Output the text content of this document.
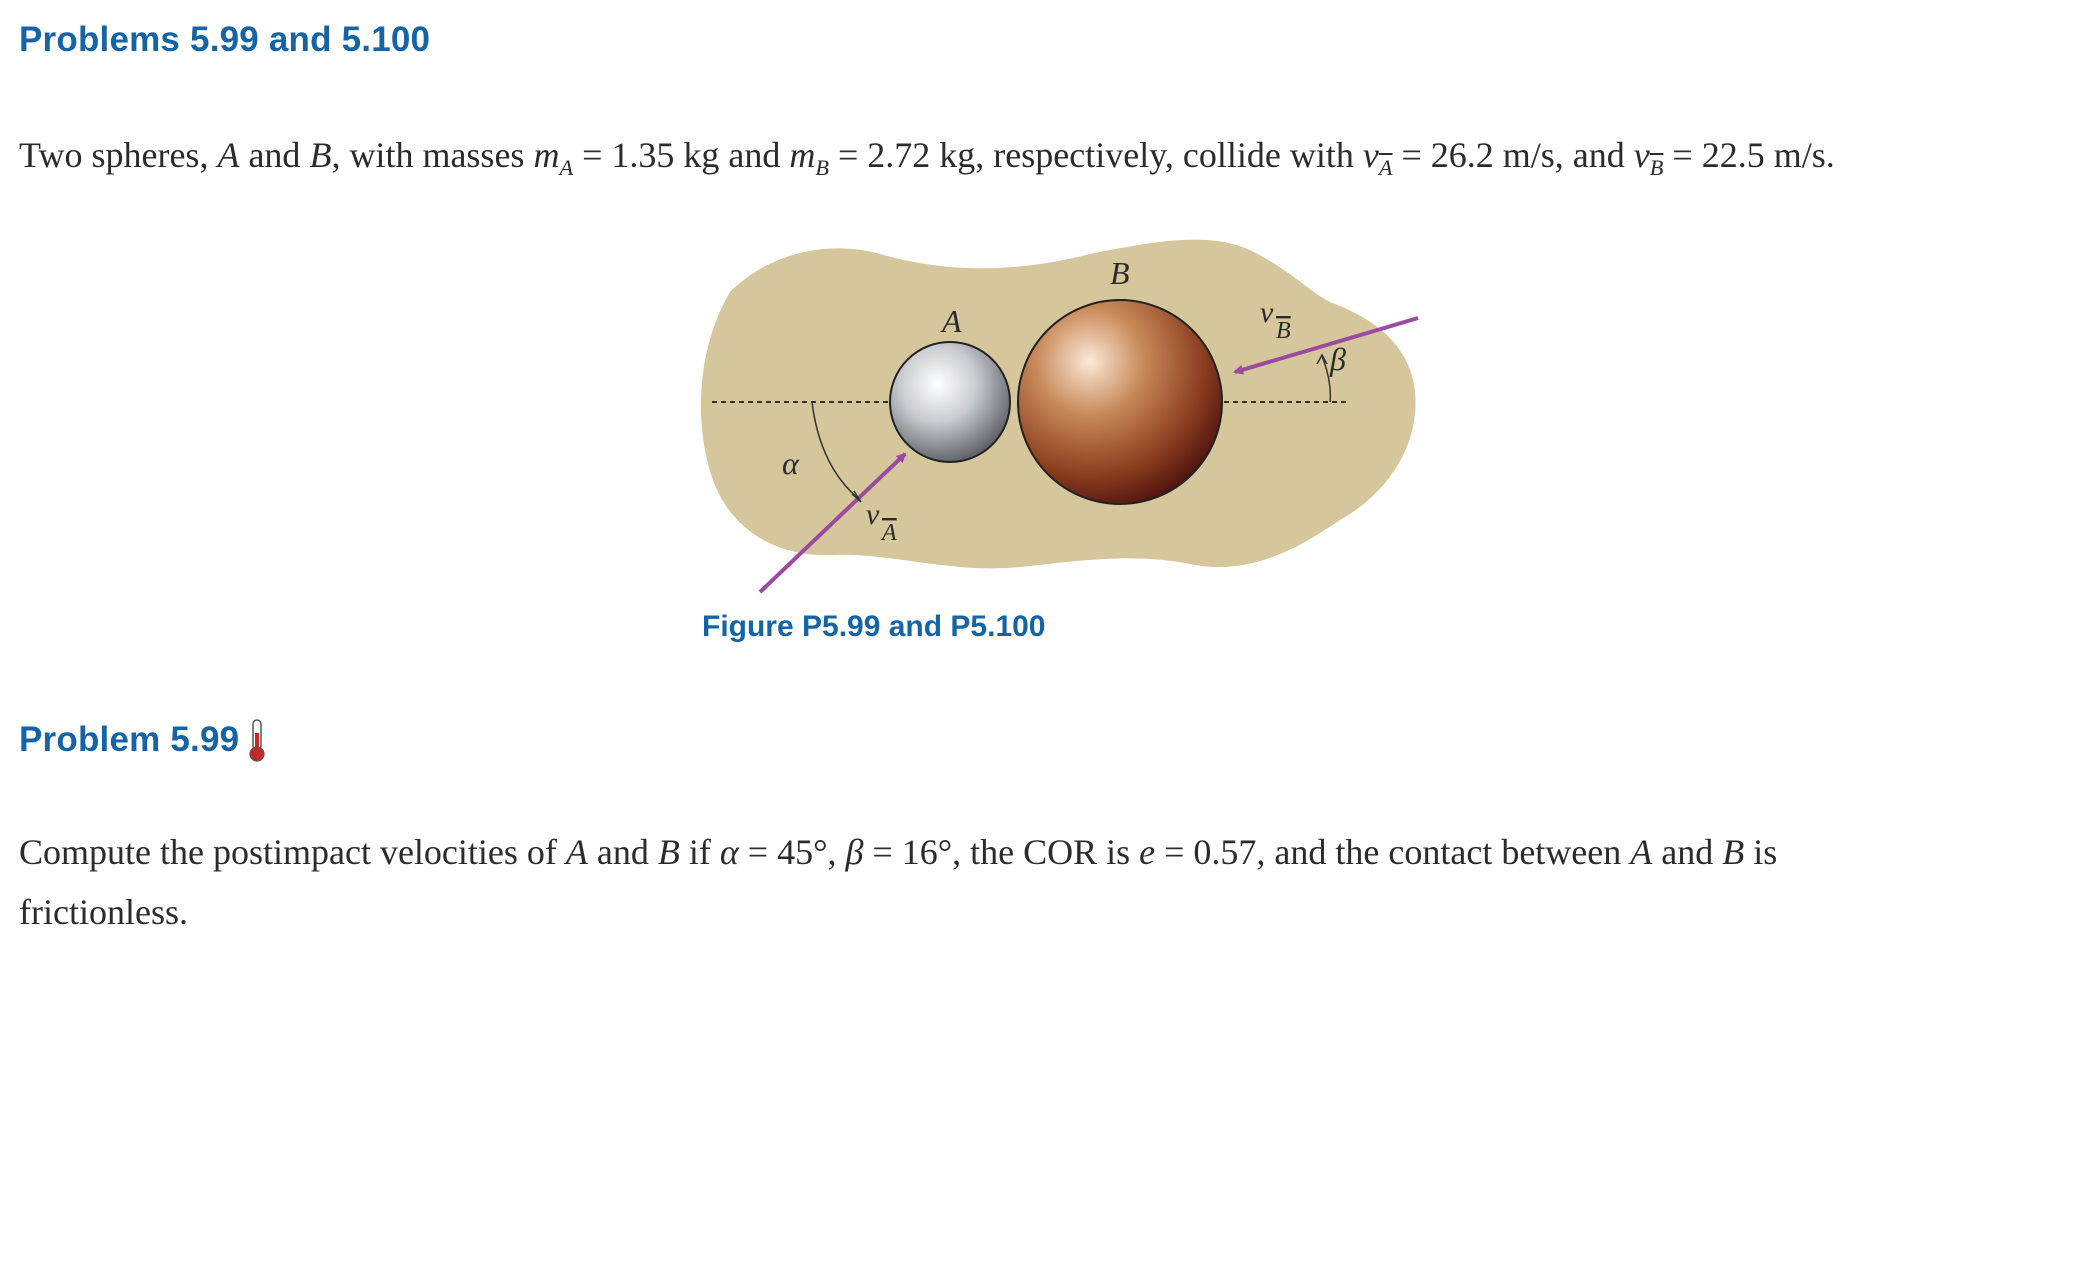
Problems 5.99 and 5.100

Two spheres, A and B, with masses $m_A = 1.35$ kg and $m_B = 2.72$ kg, respectively, collide with $v_{\overline{A}} = 26.2$ m/s, and $v_{\overline{B}} = 22.5$ m/s.

A
B
α
β
v
A
v
B

Figure P5.99 and P5.100

Problem 5.99

Compute the postimpact velocities of A and B if α = 45°, β = 16°, the COR is e = 0.57, and the contact between A and B is

frictionless.
